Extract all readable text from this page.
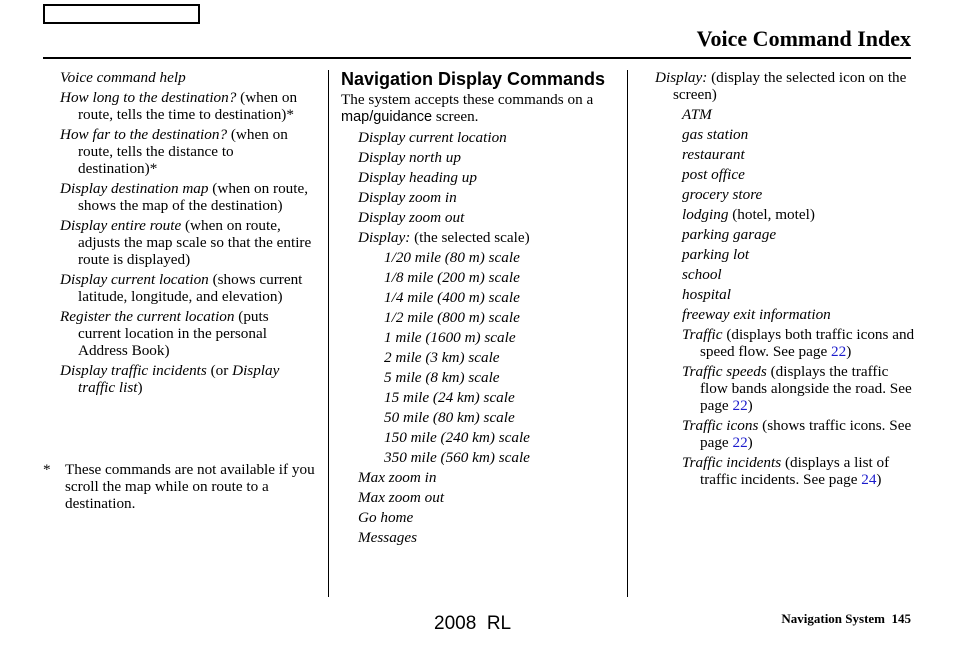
Voice Command Index
Voice command help
How long to the destination? (when on route, tells the time to destination)*
How far to the destination? (when on route, tells the distance to destination)*
Display destination map (when on route, shows the map of the destination)
Display entire route (when on route, adjusts the map scale so that the entire route is displayed)
Display current location (shows current latitude, longitude, and elevation)
Register the current location (puts current location in the personal Address Book)
Display traffic incidents (or Display traffic list)
* These commands are not available if you scroll the map while on route to a destination.
Navigation Display Commands
The system accepts these commands on a map/guidance screen.
Display current location
Display north up
Display heading up
Display zoom in
Display zoom out
Display: (the selected scale)
1/20 mile (80 m) scale
1/8 mile (200 m) scale
1/4 mile (400 m) scale
1/2 mile (800 m) scale
1 mile (1600 m) scale
2 mile (3 km) scale
5 mile (8 km) scale
15 mile (24 km) scale
50 mile (80 km) scale
150 mile (240 km) scale
350 mile (560 km) scale
Max zoom in
Max zoom out
Go home
Messages
Display: (display the selected icon on the screen)
ATM
gas station
restaurant
post office
grocery store
lodging (hotel, motel)
parking garage
parking lot
school
hospital
freeway exit information
Traffic (displays both traffic icons and speed flow. See page 22)
Traffic speeds (displays the traffic flow bands alongside the road. See page 22)
Traffic icons (shows traffic icons. See page 22)
Traffic incidents (displays a list of traffic incidents. See page 24)
Navigation System 145
2008  RL
